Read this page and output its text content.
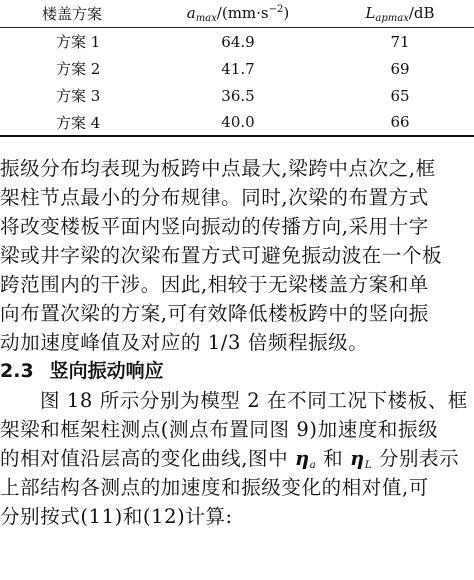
楼盖方案	$a_{max}/(mm\cdot s^{-2})$	$L_{apmax}/dB$
方案 1	64.9	71
方案 2	41.7	69
方案 3	36.5	65
方案 4	40.0	66
振级分布均表现为板跨中点最大,梁跨中点次之,框
架柱节点最小的分布规律。同时,次梁的布置方式
将改变楼板平面内竖向振动的传播方向,采用十字
梁或井字梁的次梁布置方式可避免振动波在一个板
跨范围内的干涉。因此,相较于无梁楼盖方案和单
向布置次梁的方案,可有效降低楼板跨中的竖向振
动加速度峰值及对应的 1/3 倍频程振级。
2.3 竖向振动响应
图 18 所示分别为模型 2 在不同工况下楼板、框
架梁和框架柱测点(测点布置同图 9)加速度和振级
的相对值沿层高的变化曲线,图中 $\eta_a$ 和 $\eta_L$ 分别表示
上部结构各测点的加速度和振级变化的相对值,可
分别按式(11)和(12)计算:
